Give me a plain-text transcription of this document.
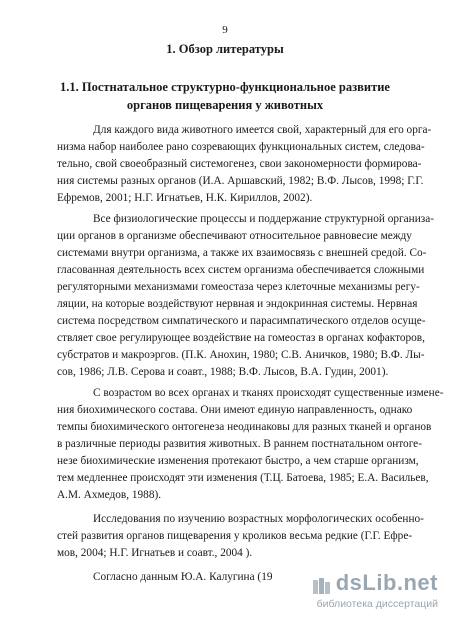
9
1. Обзор литературы
1.1. Постнатальное структурно-функциональное развитие
органов пищеварения у животных
Для каждого вида животного имеется свой, характерный для его орга-
низма набор наиболее рано созревающих функциональных систем, следова-
тельно, свой своеобразный системогенез, свои закономерности формирова-
ния системы разных органов (И.А. Аршавский, 1982; В.Ф. Лысов, 1998; Г.Г.
Ефремов, 2001; Н.Г. Игнатьев, Н.К. Кириллов, 2002).
Все физиологические процессы и поддержание структурной организа-
ции органов в организме обеспечивают относительное равновесие между
системами внутри организма, а также их взаимосвязь с внешней средой. Со-
гласованная деятельность всех систем организма обеспечивается сложными
регуляторными механизмами гомеостаза через клеточные механизмы регу-
ляции, на которые воздействуют нервная и эндокринная системы. Нервная
система посредством симпатического и парасимпатического отделов осуще-
ствляет свое регулирующее воздействие на гомеостаз в органах кофакторов,
субстратов и макроэргов. (П.К. Анохин, 1980; С.В. Аничков, 1980; В.Ф. Лы-
сов, 1986; Л.В. Серова и соавт., 1988; В.Ф. Лысов, В.А. Гудин, 2001).
С возрастом во всех органах и тканях происходят существенные измене-
ния биохимического состава. Они имеют единую направленность, однако
темпы биохимического онтогенеза неодинаковы для разных тканей и органов
в различные периоды развития животных. В раннем постнатальном онтоге-
незе биохимические изменения протекают быстро, а чем старше организм,
тем медленнее происходят эти изменения (Т.Ц. Батоева, 1985; Е.А. Васильев,
А.М. Ахмедов, 1988).
Исследования по изучению возрастных морфологических особенно-
стей развития органов пищеварения у кроликов весьма редкие (Г.Г. Ефре-
мов, 2004; Н.Г. Игнатьев и соавт., 2004 ).
Согласно данным Ю.А. Калугина (19	dsLib.net
библиотека диссертаций
